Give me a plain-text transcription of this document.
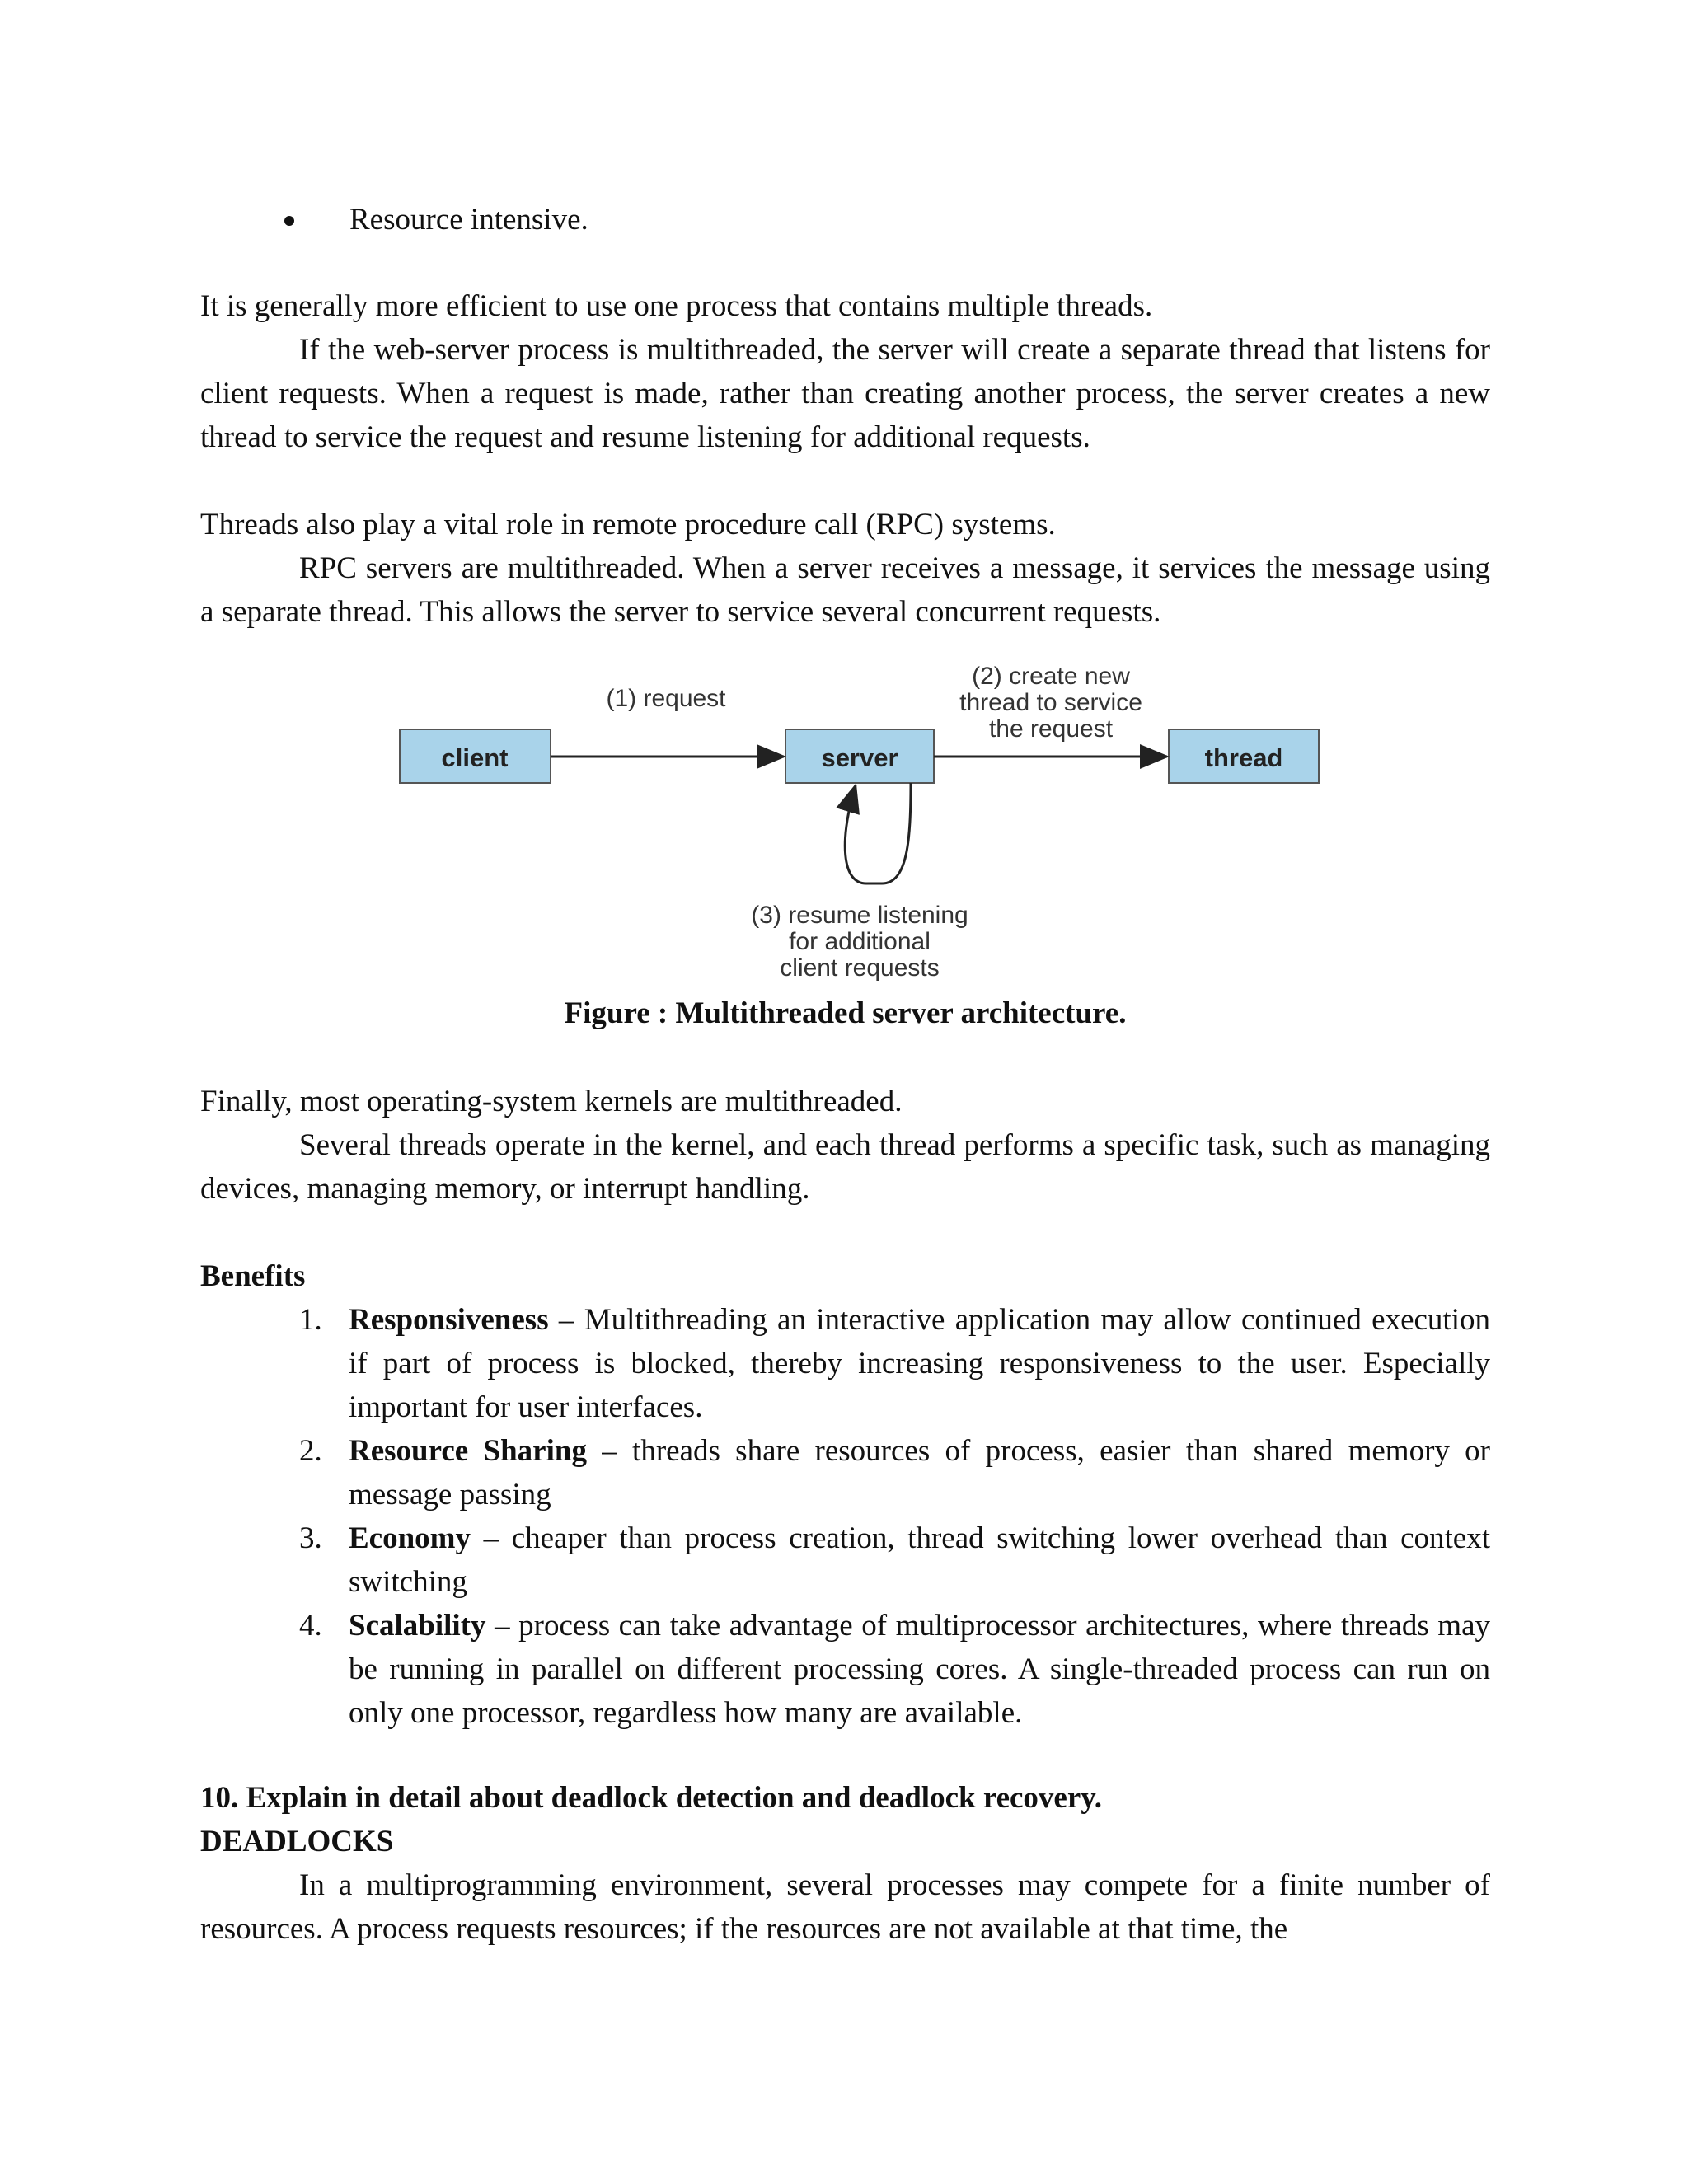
Resource intensive.

It is generally more efficient to use one process that contains multiple threads.

If the web-server process is multithreaded, the server will create a separate thread that listens for client requests. When a request is made, rather than creating another process, the server creates a new thread to service the request and resume listening for additional requests.

Threads also play a vital role in remote procedure call (RPC) systems.

RPC servers are multithreaded. When a server receives a message, it services the message using a separate thread. This allows the server to service several concurrent requests.

client	server	thread
(1) request
(2) create new
thread to service
the request
(3) resume listening
for additional
client requests
Figure : Multithreaded server architecture.

Finally, most operating-system kernels are multithreaded.

Several threads operate in the kernel, and each thread performs a specific task, such as managing devices, managing memory, or interrupt handling.

Benefits
1. Responsiveness – Multithreading an interactive application may allow continued execution if part of process is blocked, thereby increasing responsiveness to the user. Especially important for user interfaces.
2. Resource Sharing – threads share resources of process, easier than shared memory or message passing
3. Economy – cheaper than process creation, thread switching lower overhead than context switching
4. Scalability – process can take advantage of multiprocessor architectures, where threads may be running in parallel on different processing cores. A single-threaded process can run on only one processor, regardless how many are available.
10. Explain in detail about deadlock detection and deadlock recovery.
DEADLOCKS

In a multiprogramming environment, several processes may compete for a finite number of resources. A process requests resources; if the resources are not available at that time, the
